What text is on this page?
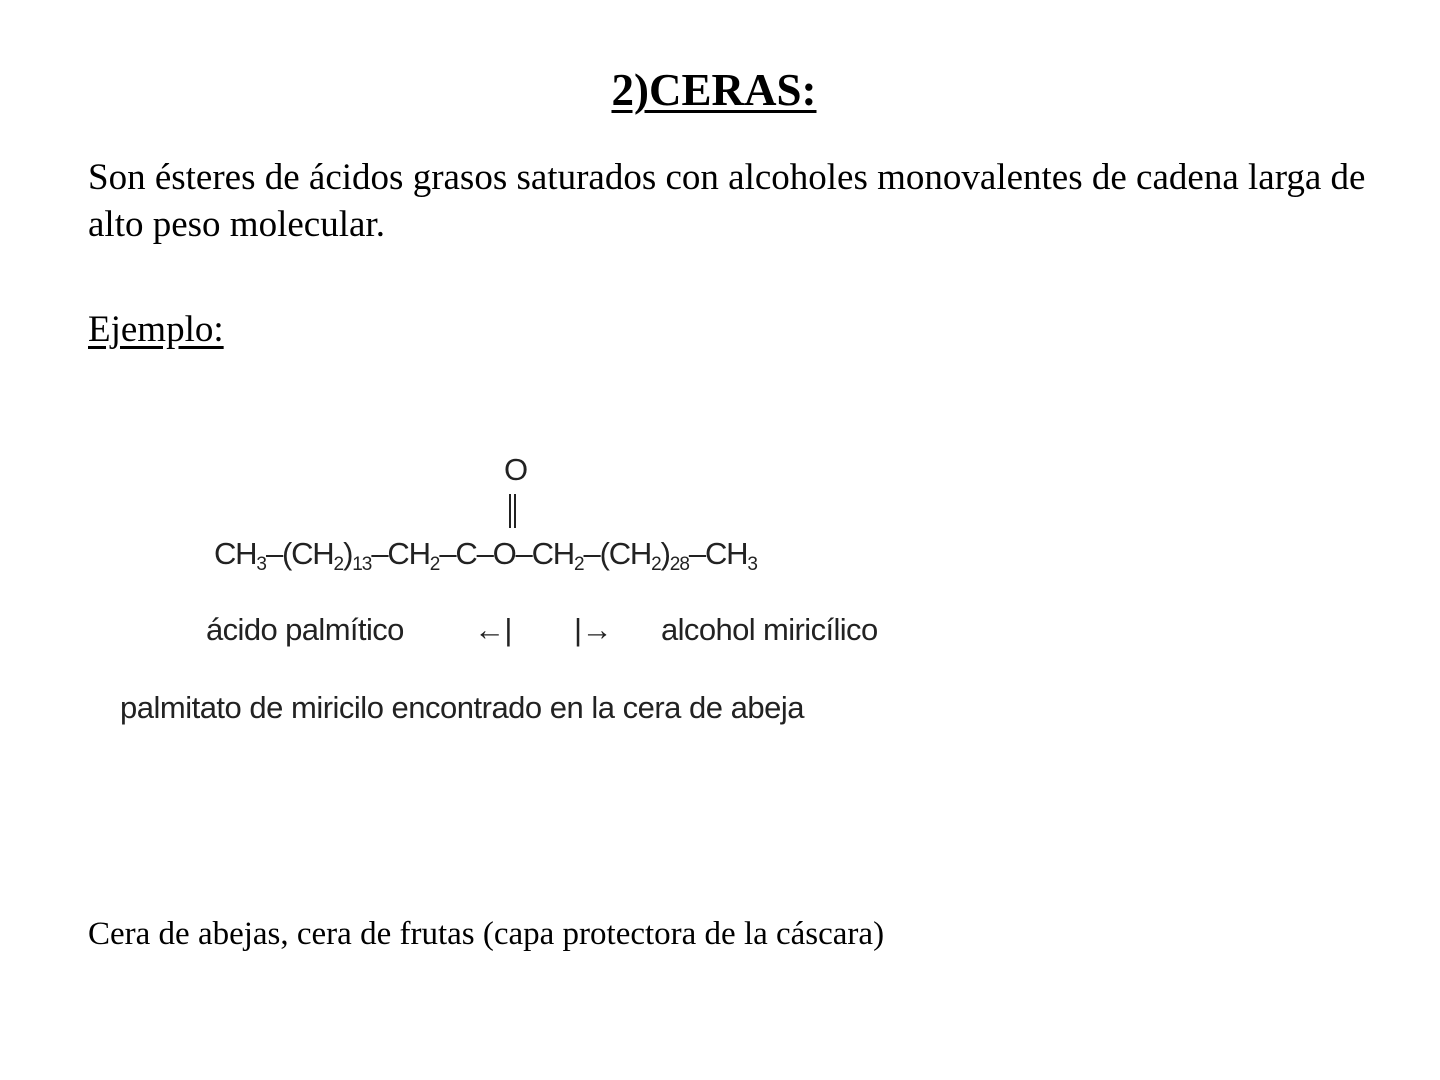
2)CERAS:
Son ésteres de ácidos grasos saturados con alcoholes monovalentes de cadena larga de alto peso molecular.
Ejemplo:
O
$CH_3-(CH_2)_{13}-CH_2-C-O-CH_2-(CH_2)_{28}-CH_3$
ácido palmítico ←| |→ alcohol miricílico
palmitato de miricilo encontrado en la cera de abeja
Cera de abejas, cera de frutas (capa protectora de la cáscara)
